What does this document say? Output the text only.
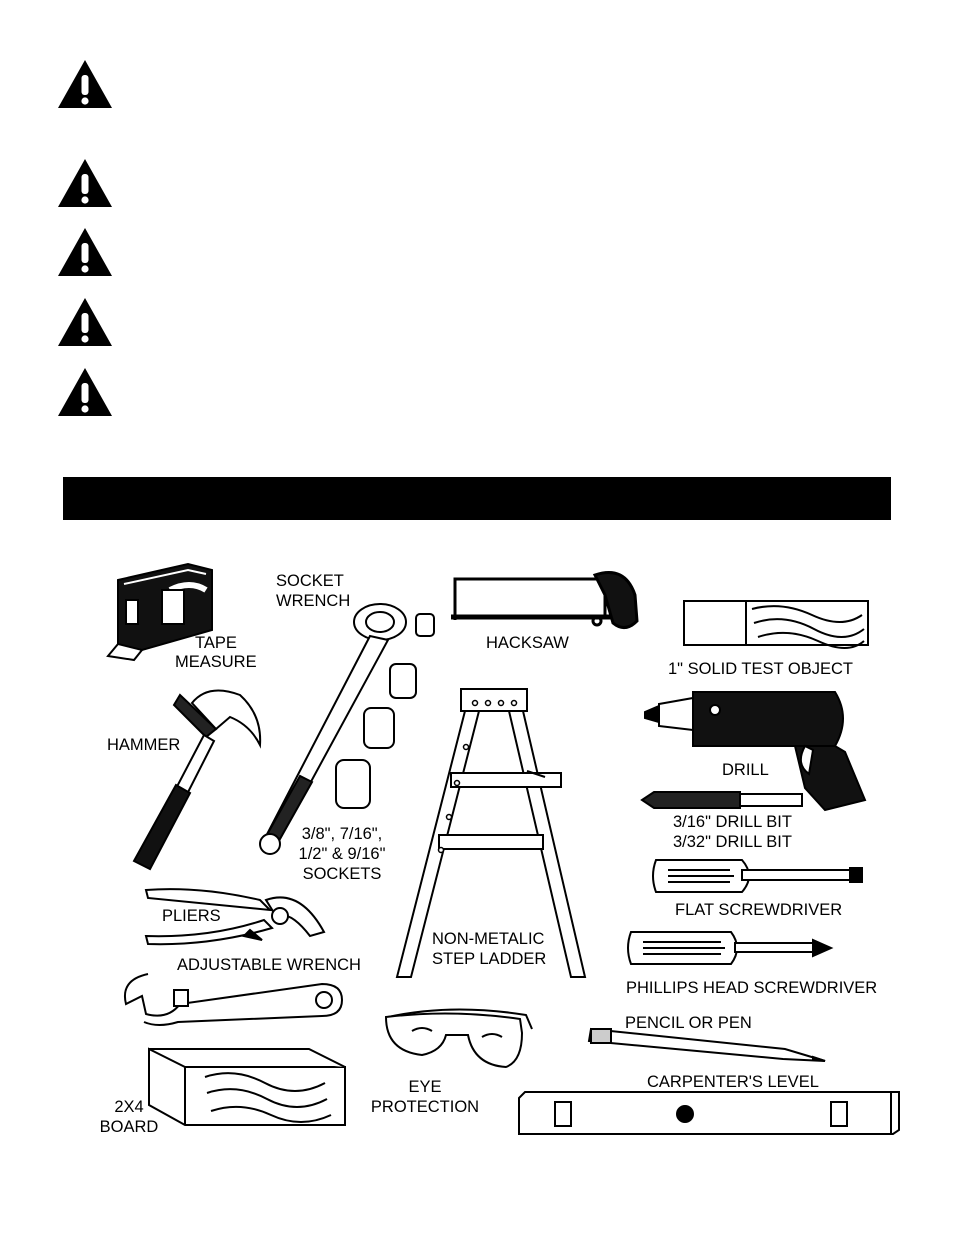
SOCKET
WRENCH
TAPE
MEASURE
HACKSAW
1" SOLID TEST OBJECT
HAMMER
DRILL
3/8", 7/16",
1/2" & 9/16"
SOCKETS
3/16" DRILL BIT
3/32" DRILL BIT
FLAT SCREWDRIVER
PLIERS
NON-METALIC
STEP LADDER
ADJUSTABLE WRENCH
PHILLIPS HEAD SCREWDRIVER
PENCIL OR PEN
EYE
PROTECTION
CARPENTER'S LEVEL
2X4
BOARD
